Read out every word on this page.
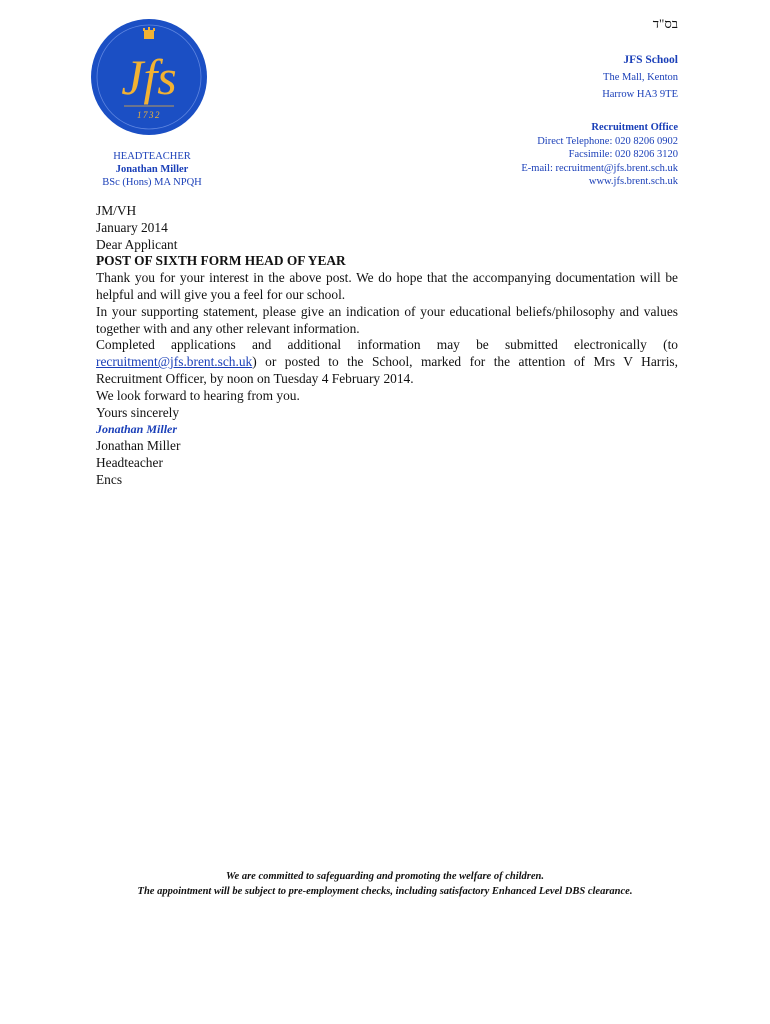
בס"ד
Jfs
1732
JFS School
The Mall, Kenton
Harrow HA3 9TE
Recruitment Office
Direct Telephone: 020 8206 0902
Facsimile: 020 8206 3120
E-mail: recruitment@jfs.brent.sch.uk
www.jfs.brent.sch.uk
HEADTEACHER
Jonathan Miller
BSc (Hons) MA NPQH

JM/VH

January 2014

Dear Applicant

POST OF SIXTH FORM HEAD OF YEAR

Thank you for your interest in the above post. We do hope that the accompanying documentation will be helpful and will give you a feel for our school.

In your supporting statement, please give an indication of your educational beliefs/philosophy and values together with and any other relevant information.

Completed applications and additional information may be submitted electronically (to recruitment@jfs.brent.sch.uk) or posted to the School, marked for the attention of Mrs V Harris, Recruitment Officer, by noon on Tuesday 4 February 2014.

We look forward to hearing from you.

Yours sincerely

Jonathan Miller

Jonathan Miller

Headteacher

Encs

We are committed to safeguarding and promoting the welfare of children.
The appointment will be subject to pre-employment checks, including satisfactory Enhanced Level DBS clearance.
